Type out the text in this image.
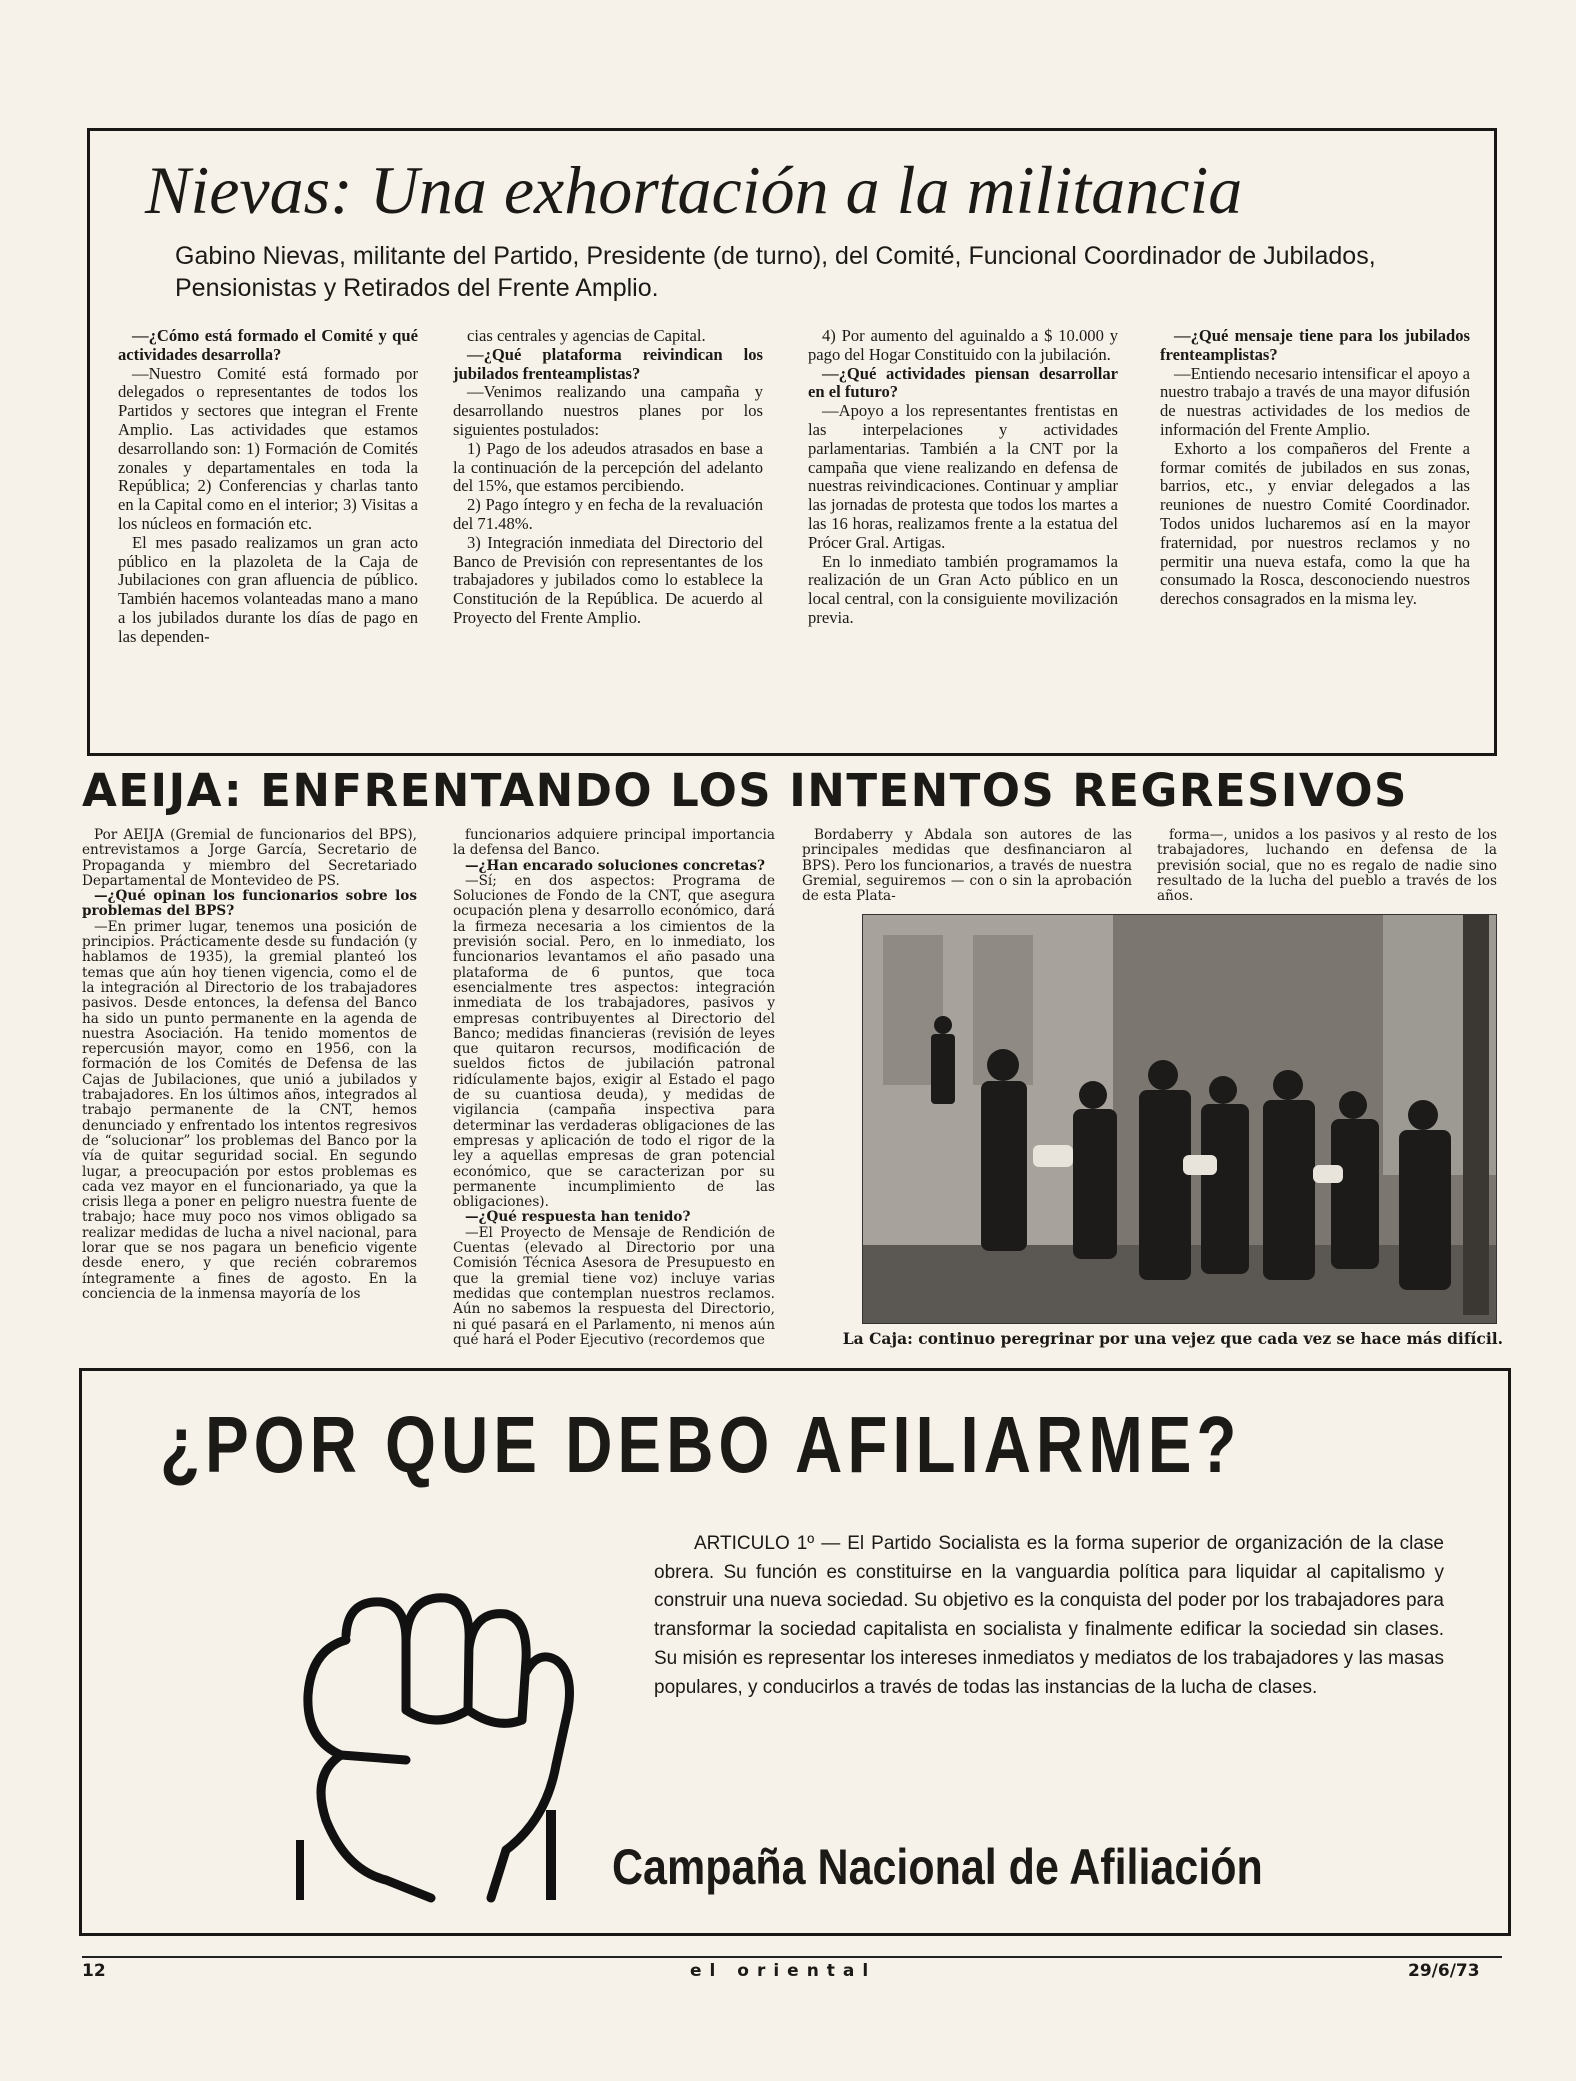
Nievas: Una exhortación a la militancia
Gabino Nievas, militante del Partido, Presidente (de turno), del Comité, Funcional Coordinador de Jubilados, Pensionistas y Retirados del Frente Amplio.

—¿Cómo está formado el Comité y qué actividades desarrolla?

—Nuestro Comité está formado por delegados o representantes de todos los Partidos y sectores que integran el Frente Amplio. Las actividades que estamos desarrollando son: 1) Formación de Comités zonales y departamentales en toda la República; 2) Conferencias y charlas tanto en la Capital como en el interior; 3) Visitas a los núcleos en formación etc.

El mes pasado realizamos un gran acto público en la plazoleta de la Caja de Jubilaciones con gran afluencia de público. También hacemos volanteadas mano a mano a los jubilados durante los días de pago en las dependen-

cias centrales y agencias de Capital.

—¿Qué plataforma reivindican los jubilados frenteamplistas?

—Venimos realizando una campaña y desarrollando nuestros planes por los siguientes postulados:

1) Pago de los adeudos atrasados en base a la continuación de la percepción del adelanto del 15%, que estamos percibiendo.

2) Pago íntegro y en fecha de la revaluación del 71.48%.

3) Integración inmediata del Directorio del Banco de Previsión con representantes de los trabajadores y jubilados como lo establece la Constitución de la República. De acuerdo al Proyecto del Frente Amplio.

4) Por aumento del aguinaldo a $ 10.000 y pago del Hogar Constituido con la jubilación.

—¿Qué actividades piensan desarrollar en el futuro?

—Apoyo a los representantes frentistas en las interpelaciones y actividades parlamentarias. También a la CNT por la campaña que viene realizando en defensa de nuestras reivindicaciones. Continuar y ampliar las jornadas de protesta que todos los martes a las 16 horas, realizamos frente a la estatua del Prócer Gral. Artigas.

En lo inmediato también programamos la realización de un Gran Acto público en un local central, con la consiguiente movilización previa.

—¿Qué mensaje tiene para los jubilados frenteamplistas?

—Entiendo necesario intensificar el apoyo a nuestro trabajo a través de una mayor difusión de nuestras actividades de los medios de información del Frente Amplio.

Exhorto a los compañeros del Frente a formar comités de jubilados en sus zonas, barrios, etc., y enviar delegados a las reuniones de nuestro Comité Coordinador. Todos unidos lucharemos así en la mayor fraternidad, por nuestros reclamos y no permitir una nueva estafa, como la que ha consumado la Rosca, desconociendo nuestros derechos consagrados en la misma ley.

AEIJA: ENFRENTANDO LOS INTENTOS REGRESIVOS

Por AEIJA (Gremial de funcionarios del BPS), entrevistamos a Jorge García, Secretario de Propaganda y miembro del Secretariado Departamental de Montevideo de PS.

—¿Qué opinan los funcionarios sobre los problemas del BPS?

—En primer lugar, tenemos una posición de principios. Prácticamente desde su fundación (y hablamos de 1935), la gremial planteó los temas que aún hoy tienen vigencia, como el de la integración al Directorio de los trabajadores pasivos. Desde entonces, la defensa del Banco ha sido un punto permanente en la agenda de nuestra Asociación. Ha tenido momentos de repercusión mayor, como en 1956, con la formación de los Comités de Defensa de las Cajas de Jubilaciones, que unió a jubilados y trabajadores. En los últimos años, integrados al trabajo permanente de la CNT, hemos denunciado y enfrentado los intentos regresivos de “solucionar” los problemas del Banco por la vía de quitar seguridad social. En segundo lugar, a preocupación por estos problemas es cada vez mayor en el funcionariado, ya que la crisis llega a poner en peligro nuestra fuente de trabajo; hace muy poco nos vimos obligado sa realizar medidas de lucha a nivel nacional, para lorar que se nos pagara un beneficio vigente desde enero, y que recién cobraremos íntegramente a fines de agosto. En la conciencia de la inmensa mayoría de los

funcionarios adquiere principal importancia la defensa del Banco.

—¿Han encarado soluciones concretas?

—Sí; en dos aspectos: Programa de Soluciones de Fondo de la CNT, que asegura ocupación plena y desarrollo económico, dará la firmeza necesaria a los cimientos de la previsión social. Pero, en lo inmediato, los funcionarios levantamos el año pasado una plataforma de 6 puntos, que toca esencialmente tres aspectos: integración inmediata de los trabajadores, pasivos y empresas contribuyentes al Directorio del Banco; medidas financieras (revisión de leyes que quitaron recursos, modificación de sueldos fictos de jubilación patronal ridículamente bajos, exigir al Estado el pago de su cuantiosa deuda), y medidas de vigilancia (campaña inspectiva para determinar las verdaderas obligaciones de las empresas y aplicación de todo el rigor de la ley a aquellas empresas de gran potencial económico, que se caracterizan por su permanente incumplimiento de las obligaciones).

—¿Qué respuesta han tenido?

—El Proyecto de Mensaje de Rendición de Cuentas (elevado al Directorio por una Comisión Técnica Asesora de Presupuesto en que la gremial tiene voz) incluye varias medidas que contemplan nuestros reclamos. Aún no sabemos la respuesta del Directorio, ni qué pasará en el Parlamento, ni menos aún qué hará el Poder Ejecutivo (recordemos que

Bordaberry y Abdala son autores de las principales medidas que desfinanciaron al BPS). Pero los funcionarios, a través de nuestra Gremial, seguiremos — con o sin la aprobación de esta Plata-

forma—, unidos a los pasivos y al resto de los trabajadores, luchando en defensa de la previsión social, que no es regalo de nadie sino resultado de la lucha del pueblo a través de los años.

La Caja: continuo peregrinar por una vejez que cada vez se hace más difícil.
¿POR QUE DEBO AFILIARME?

ARTICULO 1º — El Partido Socialista es la forma superior de organización de la clase obrera. Su función es constituirse en la vanguardia política para liquidar al capitalismo y construir una nueva sociedad. Su objetivo es la conquista del poder por los trabajadores para transformar la sociedad capitalista en socialista y finalmente edificar la sociedad sin clases. Su misión es representar los intereses inmediatos y mediatos de los trabajadores y las masas populares, y conducirlos a través de todas las instancias de la lucha de clases.

Campaña Nacional de Afiliación
12	el oriental	29/6/73
